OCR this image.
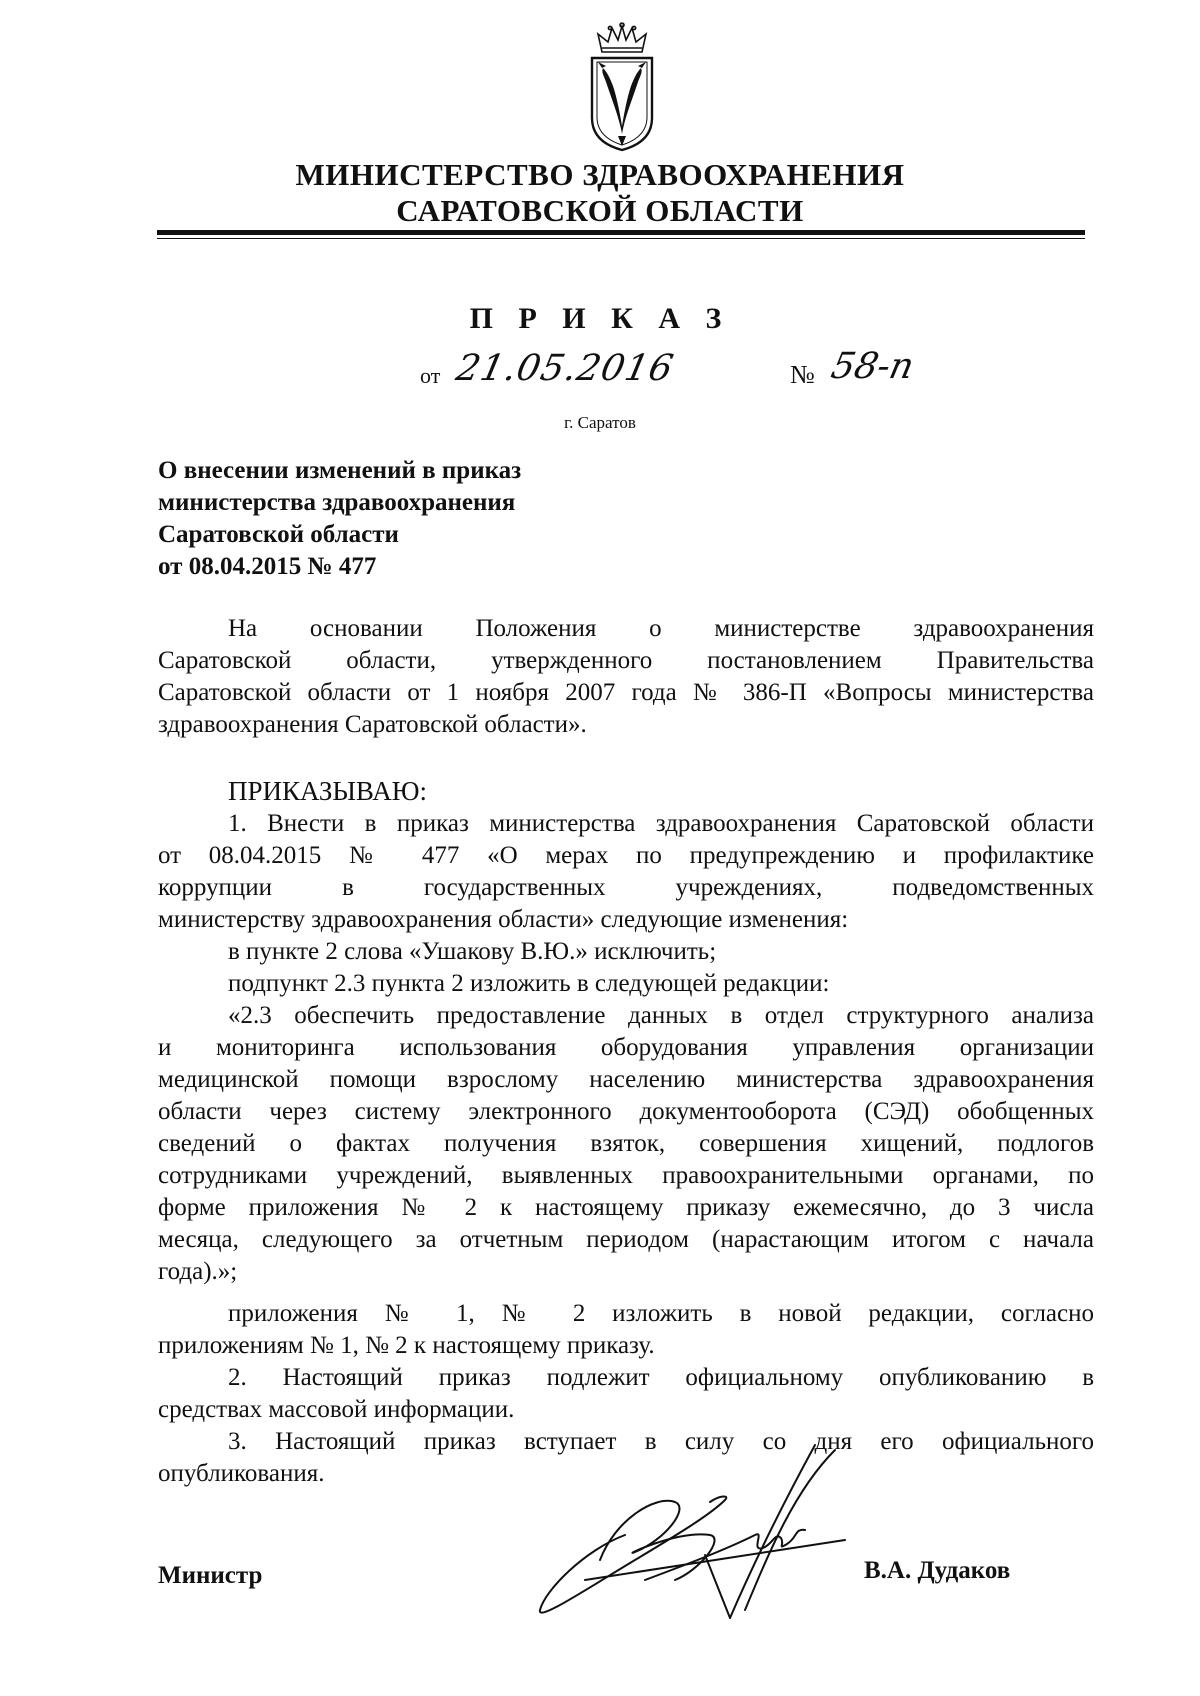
МИНИСТЕРСТВО ЗДРАВООХРАНЕНИЯ
САРАТОВСКОЙ ОБЛАСТИ
П Р И К А З
от 21.05.2016	№ 58-п
г. Саратов
О внесении изменений в приказ
министерства здравоохранения
Саратовской области
от 08.04.2015 № 477
На основании Положения о министерстве здравоохранения
Саратовской области, утвержденного постановлением Правительства
Саратовской области от 1 ноября 2007 года № 386-П «Вопросы министерства
здравоохранения Саратовской области».
ПРИКАЗЫВАЮ:
1. Внести в приказ министерства здравоохранения Саратовской области
от 08.04.2015 № 477 «О мерах по предупреждению и профилактике
коррупции в государственных учреждениях, подведомственных
министерству здравоохранения области» следующие изменения:
в пункте 2 слова «Ушакову В.Ю.» исключить;
подпункт 2.3 пункта 2 изложить в следующей редакции:
«2.3 обеспечить предоставление данных в отдел структурного анализа
и мониторинга использования оборудования управления организации
медицинской помощи взрослому населению министерства здравоохранения
области через систему электронного документооборота (СЭД) обобщенных
сведений о фактах получения взяток, совершения хищений, подлогов
сотрудниками учреждений, выявленных правоохранительными органами, по
форме приложения № 2 к настоящему приказу ежемесячно, до 3 числа
месяца, следующего за отчетным периодом (нарастающим итогом с начала
года).»;
приложения № 1, № 2 изложить в новой редакции, согласно
приложениям № 1, № 2 к настоящему приказу.
2. Настоящий приказ подлежит официальному опубликованию в
средствах массовой информации.
3. Настоящий приказ вступает в силу со дня его официального
опубликования.
Министр	В.А. Дудаков
